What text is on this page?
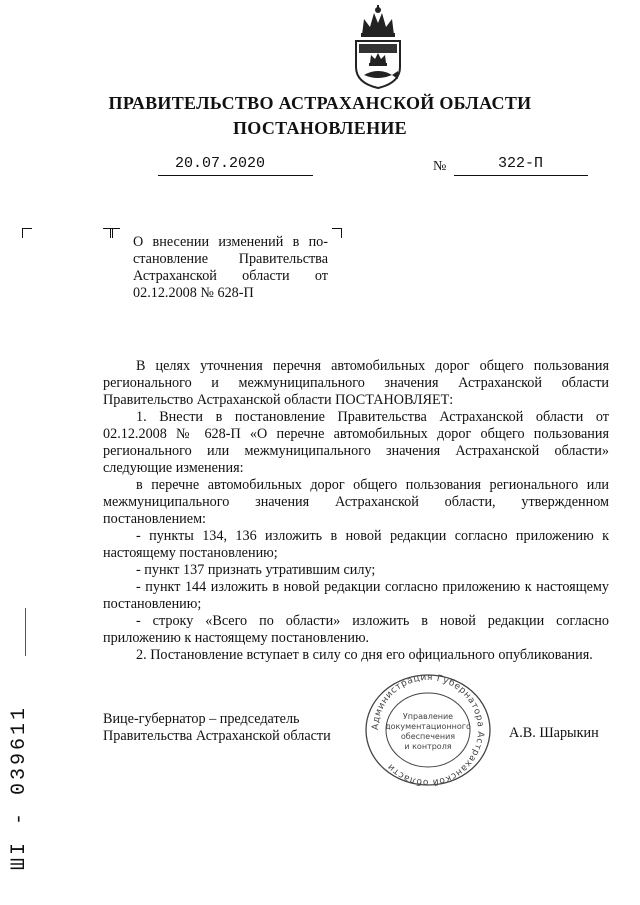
ПРАВИТЕЛЬСТВО АСТРАХАНСКОЙ ОБЛАСТИ
ПОСТАНОВЛЕНИЕ
20.07.2020	№	322-П
О внесении изменений в по-
становление Правительства
Астраханской области от
02.12.2008 № 628-П

В целях уточнения перечня автомобильных дорог общего пользования регионального и межмуниципального значения Астраханской области Правительство Астраханской области ПОСТАНОВЛЯЕТ:

1. Внести в постановление Правительства Астраханской области от 02.12.2008 № 628-П «О перечне автомобильных дорог общего пользования регионального или межмуниципального значения Астраханской области» следующие изменения:

в перечне автомобильных дорог общего пользования регионального или межмуниципального значения Астраханской области, утвержденном постановлением:

- пункты 134, 136 изложить в новой редакции согласно приложению к настоящему постановлению;

- пункт 137 признать утратившим силу;

- пункт 144 изложить в новой редакции согласно приложению к настоящему постановлению;

- строку «Всего по области» изложить в новой редакции согласно приложению к настоящему постановлению.

2. Постановление вступает в силу со дня его официального опубликования.

Вице-губернатор – председатель
Правительства Астраханской области	А.В. Шарыкин
Администрация Губернатора Астраханской области
Управление
документационного
обеспечения
и контроля
ШI - 039611
